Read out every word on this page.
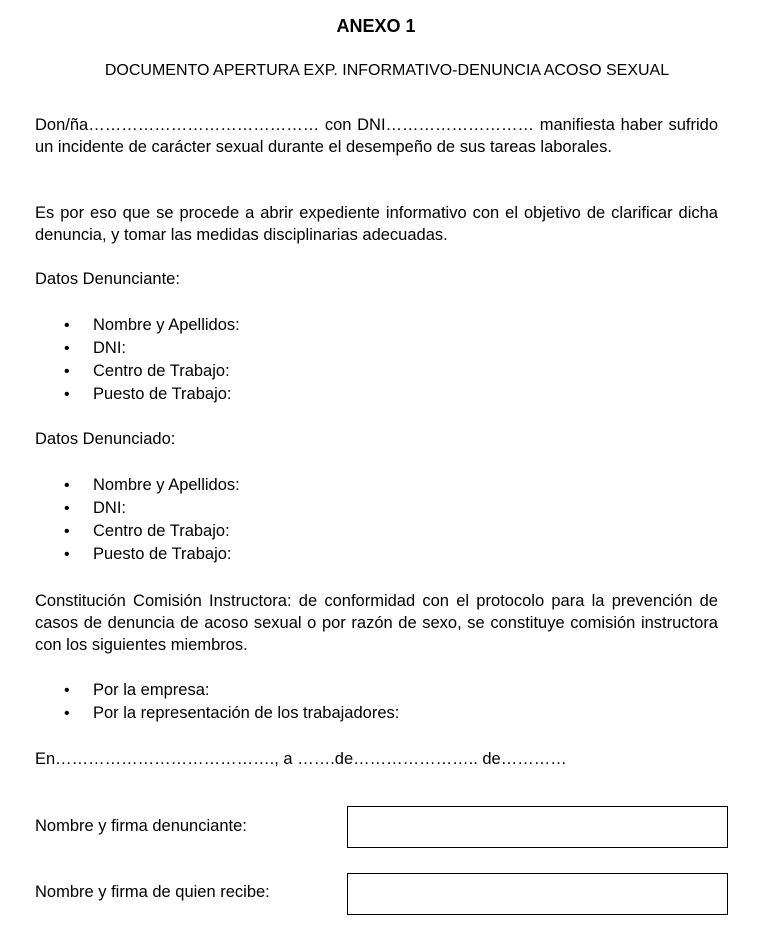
ANEXO 1
DOCUMENTO APERTURA EXP. INFORMATIVO-DENUNCIA ACOSO SEXUAL

Don/ña…………………………………… con DNI……………………… manifiesta haber sufrido un incidente de carácter sexual durante el desempeño de sus tareas laborales.

Es por eso que se procede a abrir expediente informativo con el objetivo de clarificar dicha denuncia, y tomar las medidas disciplinarias adecuadas.

Datos Denunciante:

• Nombre y Apellidos:
• DNI:
• Centro de Trabajo:
• Puesto de Trabajo:

Datos Denunciado:

• Nombre y Apellidos:
• DNI:
• Centro de Trabajo:
• Puesto de Trabajo:

Constitución Comisión Instructora: de conformidad con el protocolo para la prevención de casos de denuncia de acoso sexual o por razón de sexo, se constituye comisión instructora con los siguientes miembros.

• Por la empresa:
• Por la representación de los trabajadores:

En…………………………………., a …….de………………….. de…………

Nombre y firma denunciante:

Nombre y firma de quien recibe:
